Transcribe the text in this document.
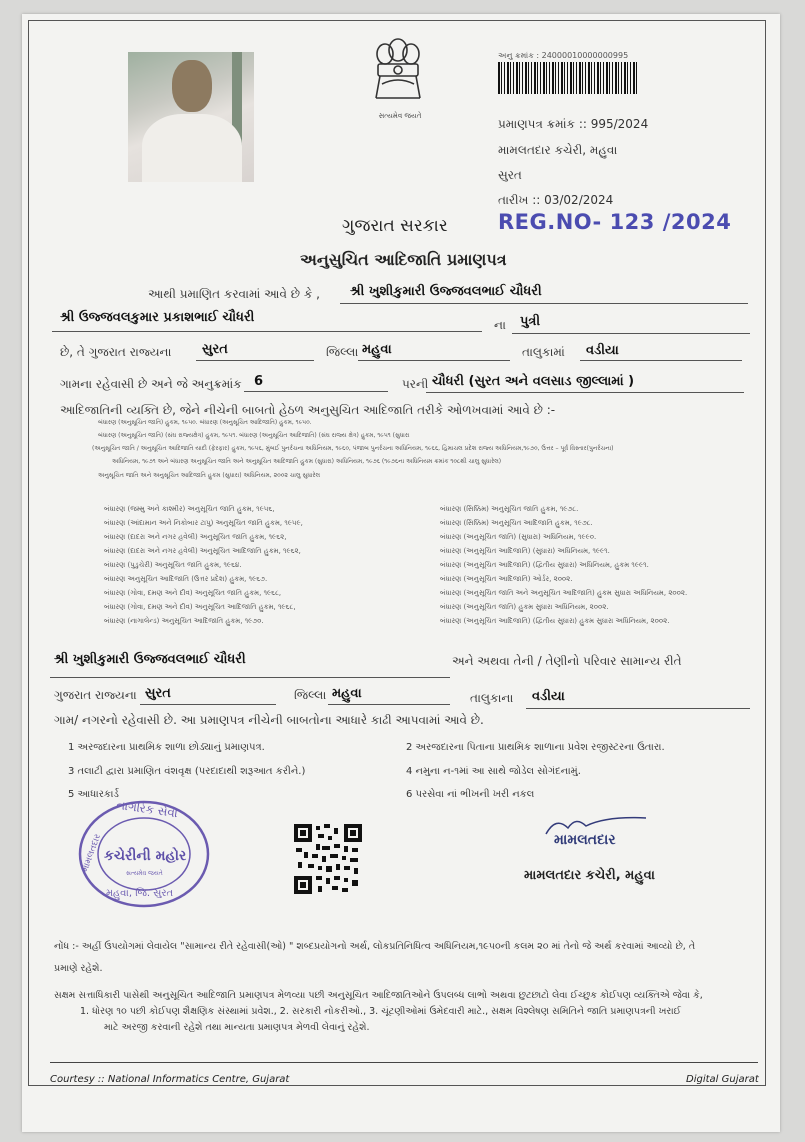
સત્યમેવ જયતે
અનુ ક્રમાંક : 24000010000000995
પ્રમાણપત્ર ક્રમાંક :: 995/2024
મામલતદાર કચેરી, મહુવા
સુરત
તારીખ :: 03/02/2024
ગુજરાત સરકાર REG.NO- 123 /2024
અનુસુચિત આદિજાતિ પ્રમાણપત્ર
આથી પ્રમાણિત કરવામાં આવે છે કે , શ્રી ખુશીકુમારી ઉજ્જવલભાઈ ચૌધરી
શ્રી ઉજ્જવલકુમાર પ્રકાશભાઈ ચૌધરી	ના પુત્રી
છે, તે ગુજરાત રાજ્યના સુરત	જિલ્લા મહુવા	તાલુકામાં વડીયા
ગામના રહેવાસી છે અને જે અનુક્રમાંક 6	પરની ચૌધરી (સુરત અને વલસાડ જીલ્લામાં )
આદિજાતિની વ્યક્તિ છે, જેને નીચેની બાબતો હેઠળ અનુસુચિત આદિજાતિ તરીકે ઓળખવામાં આવે છે :-
બંધારણ (અનુસૂચિત જાતિ) હુકમ, ૧૯૫૦. બંધારણ (અનુસૂચિત આદિજાતિ) હુકમ, ૧૯૫૦.
બંધારણ (અનુસૂચિત જાતિ) (સંઘ રાજ્યક્ષેત્ર) હુકમ, ૧૯૫૧. બંધારણ (અનુસૂચિત આદિજાતિ) (સંઘ રાજ્ય ક્ષેત્ર) હુકમ, ૧૯૫૧ (સુધારા
(અનુસૂચિત જાતિ / અનુસૂચિત આદિજાતિ યાદી (ફેરફાર) હુકમ, ૧૯૫૬, મુંબઈ પુનર્રચના અધિનિયમ, ૧૯૬૦, પંજાબ પુનર્રચના અધિનિયમ, ૧૯૬૬, હિમાચલ પ્રદેશ રાજ્ય અધિનિયમ,૧૯૭૦, ઉત્તર – પૂર્વ વિસ્તાર(પુનર્રચના)
અધિનિયમ, ૧૯૭૧ અને બંધારણ અનુસૂચિત જાતિ અને અનુસૂચિત આદિજાતિ હુકમ (સુધારા) અધિનિયમ, ૧૯૭૬ (૧૯૭૬ના અધિનિયમ ક્રમાંક ૧૦૮થી ચાલુ સુધારેલ)
અનુસૂચિત જાતિ અને અનુસૂચિત આદિજાતિ હુકમ (સુધારા) અધિનિયમ, ૨૦૦૨ ચાલુ સુધારેલ
બંધારણ (જમ્મુ અને કાશ્મીર) અનુસૂચિત જાતિ હુકમ, ૧૯૫૬,
બંધારણ (આંદામાન અને નિકોબાર ટાપુ) અનુસૂચિત જાતિ હુકમ, ૧૯૫૯,
બંધારણ (દાદરા અને નગર હવેલી) અનુસૂચિત જાતિ હુકમ, ૧૯૬૨,
બંધારણ (દાદરા અને નગર હવેલી) અનુસૂચિત આદિજાતિ હુકમ, ૧૯૬૨,
બંધારણ (પુડુચેરી) અનુસૂચિત જાતિ હુકમ, ૧૯૬૪.
બંધારણ અનુસૂચિત આદિજાતિ (ઉત્તર પ્રદેશ) હુકમ, ૧૯૬૭.
બંધારણ (ગોવા, દમણ અને દીવ) અનુસૂચિત જાતિ હુકમ, ૧૯૬૮,
બંધારણ (ગોવા, દમણ અને દીવ) અનુસૂચિત આદિજાતિ હુકમ, ૧૯૬૮,
બંધારણ (નાગાલેન્ડ) અનુસૂચિત આદિજાતિ હુકમ, ૧૯૭૦.
બંધારણ (સિક્કિમ) અનુસૂચિત જાતિ હુકમ, ૧૯૭૮.
બંધારણ (સિક્કિમ) અનુસૂચિત આદિજાતિ હુકમ, ૧૯૭૮.
બંધારણ (અનુસૂચિત જાતિ) (સુધારા) અધિનિયમ, ૧૯૯૦.
બંધારણ (અનુસૂચિત આદિજાતિ) (સુધારા) અધિનિયમ, ૧૯૯૧.
બંધારણ (અનુસૂચિત આદિજાતિ) (દ્વિતીય સુધારા) અધિનિયમ, હુકમ ૧૯૯૧.
બંધારણ (અનુસૂચિત આદિજાતિ) ઓર્ડર, ૨૦૦૨.
બંધારણ (અનુસૂચિત જાતિ અને અનુસૂચિત આદિજાતિ) હુકમ સુધારા અધિનિયમ, ૨૦૦૨.
બંધારણ (અનુસૂચિત જાતિ) હુકમ સુધારા અધિનિયમ, ૨૦૦૨.
બંધારણ (અનુસૂચિત આદિજાતિ) (દ્વિતીય સુધારા) હુકમ સુધારા અધિનિયમ, ૨૦૦૨.
શ્રી ખુશીકુમારી ઉજ્જવલભાઈ ચૌધરી	અને અથવા તેની / તેણીનો પરિવાર સામાન્ય રીતે
ગુજરાત રાજ્યના સુરત	જિલ્લા મહુવા	તાલુકાના વડીયા
ગામ/ નગરનો રહેવાસી છે. આ પ્રમાણપત્ર નીચેની બાબતોના આધારે કાઢી આપવામાં આવે છે.
1 અરજદારના પ્રાથમિક શાળા છોડ્યાનું પ્રમાણપત્ર.	2 અરજદારના પિતાના પ્રાથમિક શાળાના પ્રવેશ રજીસ્ટરના ઉતારા.
3 તલાટી દ્વારા પ્રમાણિત વંશવૃક્ષ (પરદાદાથી શરૂઆત કરીને.)	4 નમુના ન-૧માં આ સાથે જોડેલ સોગંદનામું.
5 આધારકાર્ડ	6 પરસેવા નાં ભીખની ખરી નકલ
નાગરિક સેવા
મામલતદાર કચેરીની મહોર
સત્યમેવ જયતે
મહુવા, જિ. સુરત
મામલતદાર
મામલતદાર કચેરી, મહુવા
નોંધ :- અહીં ઉપયોગમાં લેવાયેલ "સામાન્ય રીતે રહેવાસી(ઓ) " શબ્દપ્રયોગનો અર્થ, લોકપ્રતિનિધિત્વ અધિનિયમ,૧૯૫૦ની કલમ ૨૦ માં તેનો જે અર્થ કરવામાં આવ્યો છે, તે
પ્રમાણે રહેશે.
સક્ષમ સત્તાધિકારી પાસેથી અનુસૂચિત આદિજાતિ પ્રમાણપત્ર મેળવ્યા પછી અનુસૂચિત આદિજાતિઓને ઉપલબ્ધ લાભો અથવા છુટછાટો લેવા ઈચ્છુક કોઈપણ વ્યક્તિએ જેવા કે,
1. ધોરણ ૧૦ પછી કોઈપણ શૈક્ષણિક સંસ્થામાં પ્રવેશ., 2. સરકારી નોકરીઓ., 3. ચૂંટણીઓમાં ઉમેદવારી માટે., સક્ષમ વિશ્લેષણ સમિતિને જાતિ પ્રમાણપત્રની ખરાઈ
માટે અરજી કરવાની રહેશે તથા માન્યતા પ્રમાણપત્ર મેળવી લેવાનું રહેશે.
Courtesy :: National Informatics Centre, Gujarat	Digital Gujarat
